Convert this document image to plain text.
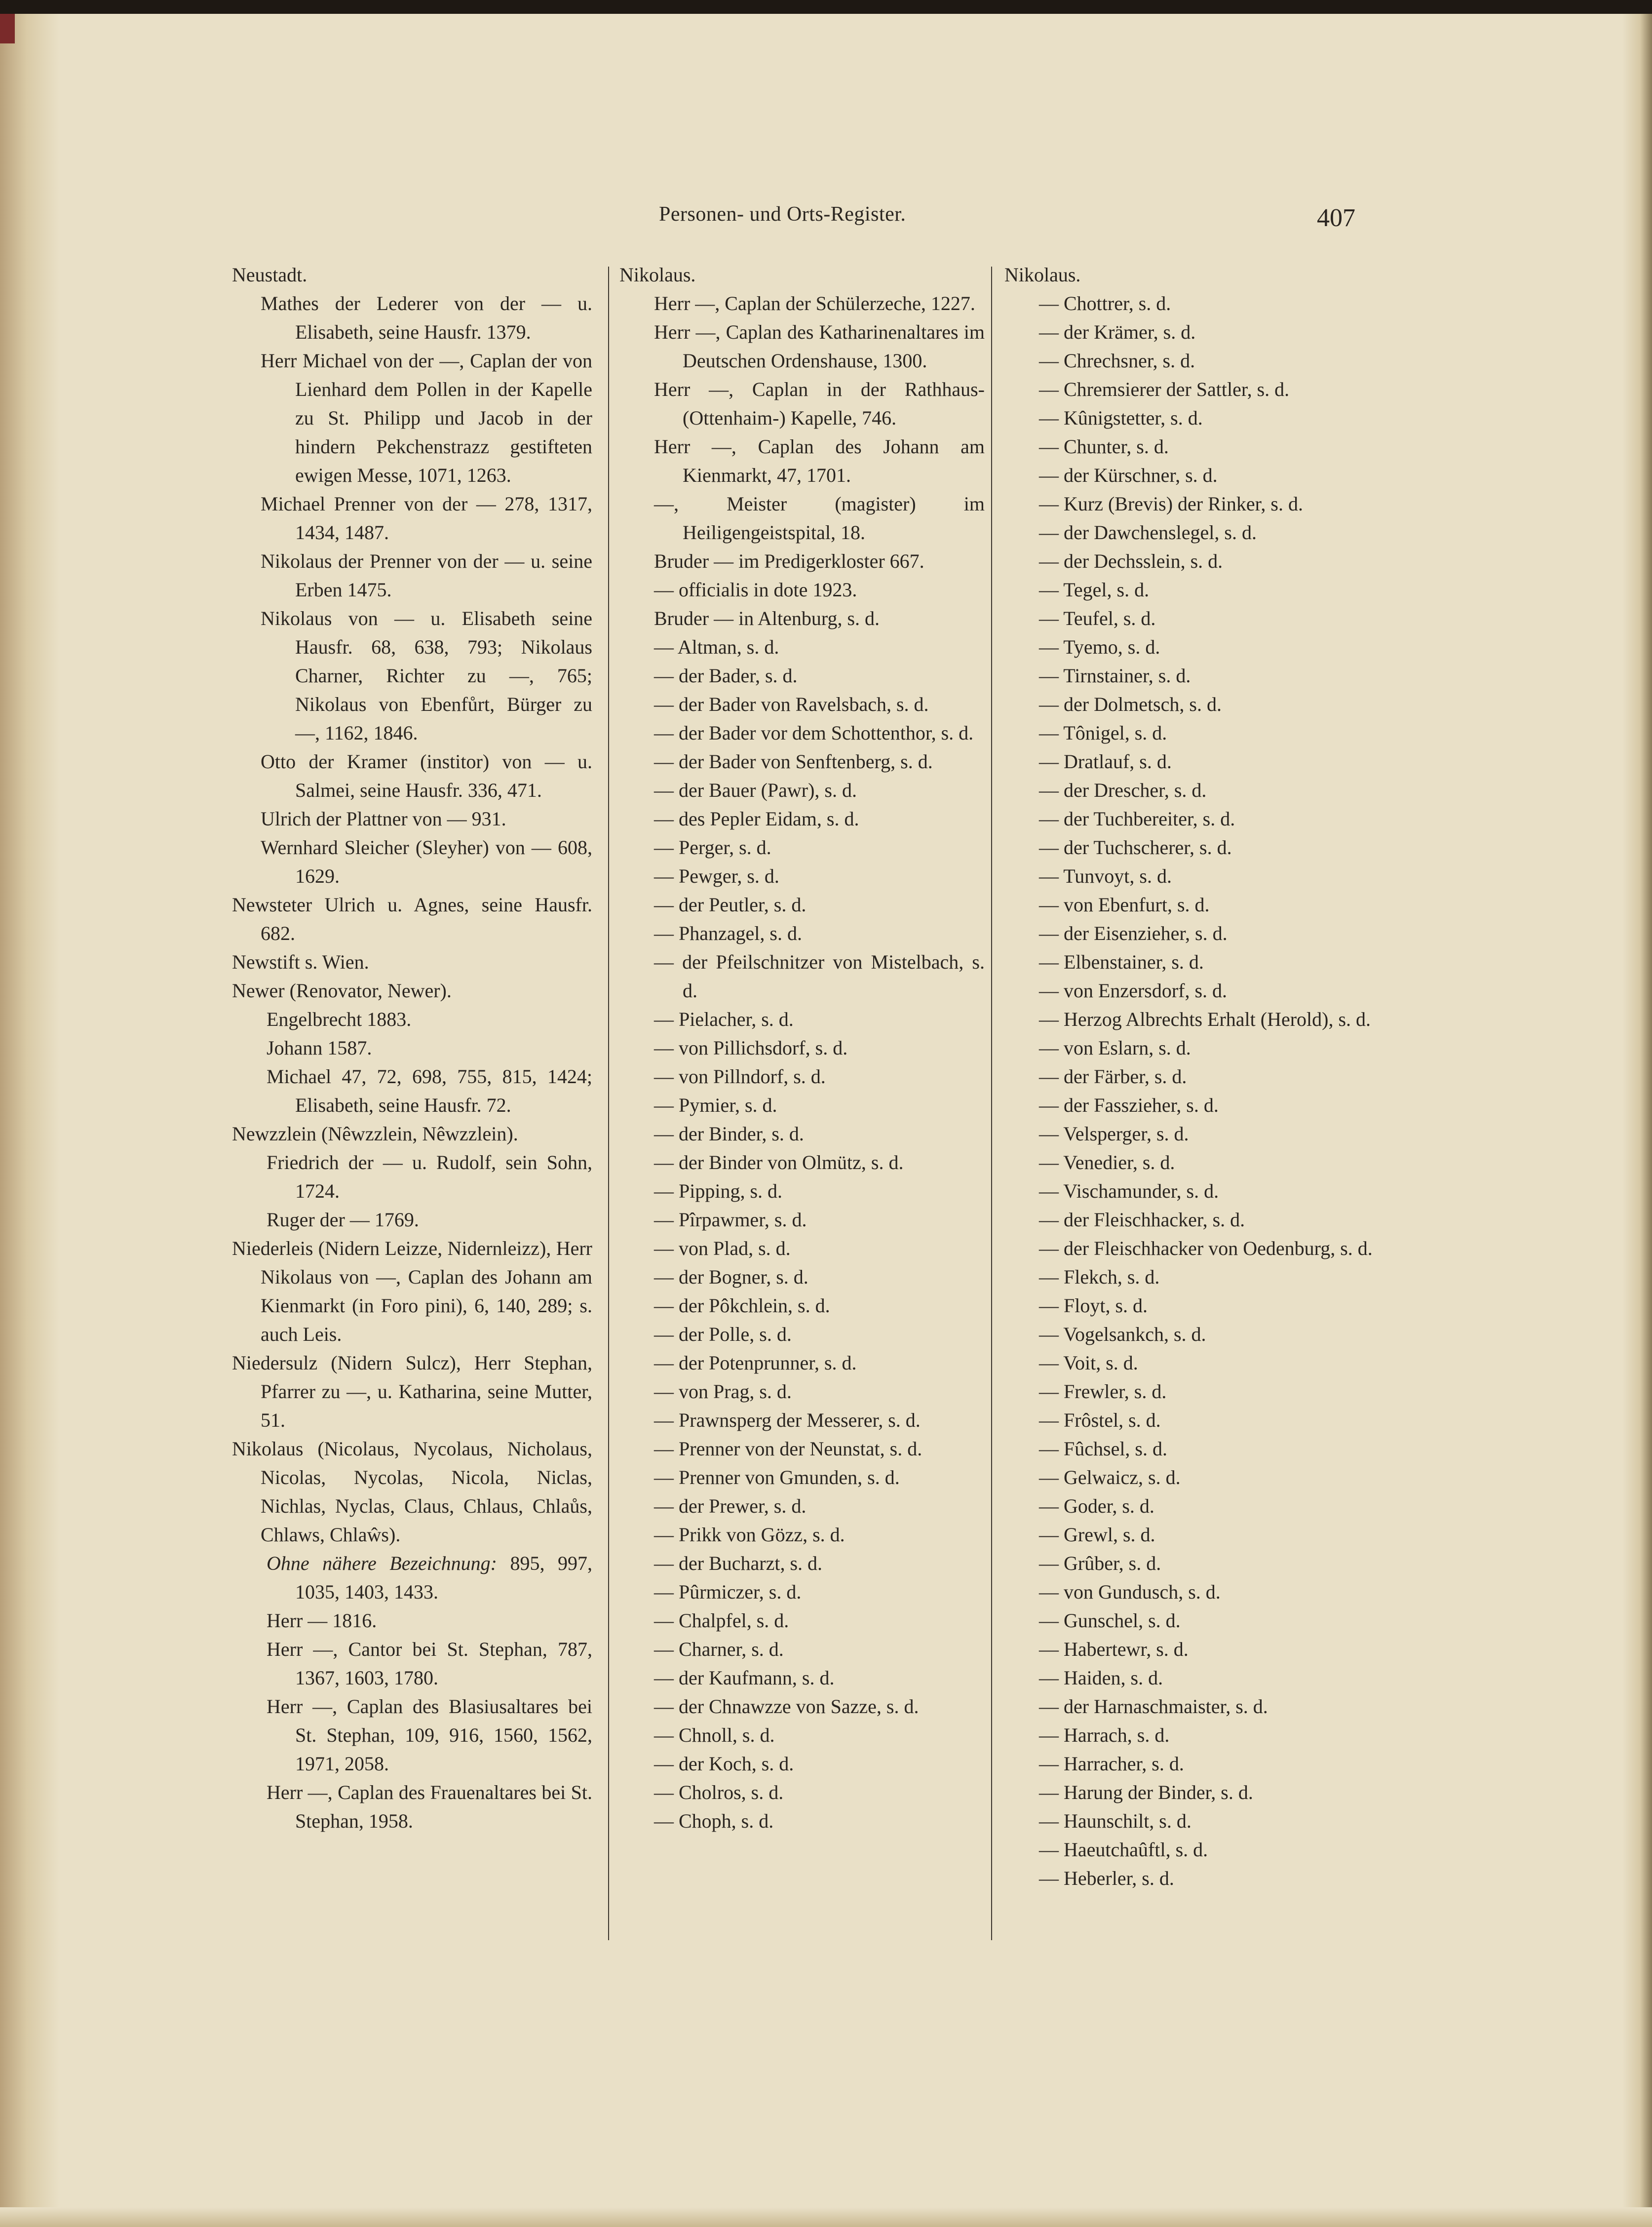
Personen- und Orts-Register.	407
Neustadt.
Mathes der Lederer von der — u. Elisabeth, seine Hausfr. 1379.
Herr Michael von der —, Caplan der von Lienhard dem Pollen in der Kapelle zu St. Philipp und Jacob in der hindern Pekchenstrazz gestifteten ewigen Messe, 1071, 1263.
Michael Prenner von der — 278, 1317, 1434, 1487.
Nikolaus der Prenner von der — u. seine Erben 1475.
Nikolaus von — u. Elisabeth seine Hausfr. 68, 638, 793; Nikolaus Charner, Richter zu —, 765; Nikolaus von Ebenfůrt, Bürger zu —, 1162, 1846.
Otto der Kramer (institor) von — u. Salmei, seine Hausfr. 336, 471.
Ulrich der Plattner von — 931.
Wernhard Sleicher (Sleyher) von — 608, 1629.
Newsteter Ulrich u. Agnes, seine Hausfr. 682.
Newstift s. Wien.
Newer (Renovator, Newer).
Engelbrecht 1883.
Johann 1587.
Michael 47, 72, 698, 755, 815, 1424; Elisabeth, seine Hausfr. 72.
Newzzlein (Nêwzzlein, Nêwzzlein).
Friedrich der — u. Rudolf, sein Sohn, 1724.
Ruger der — 1769.
Niederleis (Nidern Leizze, Nidernleizz), Herr Nikolaus von —, Caplan des Johann am Kienmarkt (in Foro pini), 6, 140, 289; s. auch Leis.
Niedersulz (Nidern Sulcz), Herr Stephan, Pfarrer zu —, u. Katharina, seine Mutter, 51.
Nikolaus (Nicolaus, Nycolaus, Nicholaus, Nicolas, Nycolas, Nicola, Niclas, Nichlas, Nyclas, Claus, Chlaus, Chlaůs, Chlaws, Chlaŵs).
Ohne nähere Bezeichnung: 895, 997, 1035, 1403, 1433.
Herr — 1816.
Herr —, Cantor bei St. Stephan, 787, 1367, 1603, 1780.
Herr —, Caplan des Blasiusaltares bei St. Stephan, 109, 916, 1560, 1562, 1971, 2058.
Herr —, Caplan des Frauenaltares bei St. Stephan, 1958.
Nikolaus.
Herr —, Caplan der Schülerzeche, 1227.
Herr —, Caplan des Katharinenaltares im Deutschen Ordenshause, 1300.
Herr —, Caplan in der Rathhaus-(Ottenhaim-) Kapelle, 746.
Herr —, Caplan des Johann am Kienmarkt, 47, 1701.
—, Meister (magister) im Heiligengeistspital, 18.
Bruder — im Predigerkloster 667.
— officialis in dote 1923.
Bruder — in Altenburg, s. d.
— Altman, s. d.
— der Bader, s. d.
— der Bader von Ravelsbach, s. d.
— der Bader vor dem Schottenthor, s. d.
— der Bader von Senftenberg, s. d.
— der Bauer (Pawr), s. d.
— des Pepler Eidam, s. d.
— Perger, s. d.
— Pewger, s. d.
— der Peutler, s. d.
— Phanzagel, s. d.
— der Pfeilschnitzer von Mistelbach, s. d.
— Pielacher, s. d.
— von Pillichsdorf, s. d.
— von Pillndorf, s. d.
— Pymier, s. d.
— der Binder, s. d.
— der Binder von Olmütz, s. d.
— Pipping, s. d.
— Pîrpawmer, s. d.
— von Plad, s. d.
— der Bogner, s. d.
— der Pôkchlein, s. d.
— der Polle, s. d.
— der Potenprunner, s. d.
— von Prag, s. d.
— Prawnsperg der Messerer, s. d.
— Prenner von der Neunstat, s. d.
— Prenner von Gmunden, s. d.
— der Prewer, s. d.
— Prikk von Gözz, s. d.
— der Bucharzt, s. d.
— Pûrmiczer, s. d.
— Chalpfel, s. d.
— Charner, s. d.
— der Kaufmann, s. d.
— der Chnawzze von Sazze, s. d.
— Chnoll, s. d.
— der Koch, s. d.
— Cholros, s. d.
— Choph, s. d.
Nikolaus.
— Chottrer, s. d.
— der Krämer, s. d.
— Chrechsner, s. d.
— Chremsierer der Sattler, s. d.
— Kûnigstetter, s. d.
— Chunter, s. d.
— der Kürschner, s. d.
— Kurz (Brevis) der Rinker, s. d.
— der Dawchenslegel, s. d.
— der Dechsslein, s. d.
— Tegel, s. d.
— Teufel, s. d.
— Tyemo, s. d.
— Tirnstainer, s. d.
— der Dolmetsch, s. d.
— Tônigel, s. d.
— Dratlauf, s. d.
— der Drescher, s. d.
— der Tuchbereiter, s. d.
— der Tuchscherer, s. d.
— Tunvoyt, s. d.
— von Ebenfurt, s. d.
— der Eisenzieher, s. d.
— Elbenstainer, s. d.
— von Enzersdorf, s. d.
— Herzog Albrechts Erhalt (Herold), s. d.
— von Eslarn, s. d.
— der Färber, s. d.
— der Fasszieher, s. d.
— Velsperger, s. d.
— Venedier, s. d.
— Vischamunder, s. d.
— der Fleischhacker, s. d.
— der Fleischhacker von Oedenburg, s. d.
— Flekch, s. d.
— Floyt, s. d.
— Vogelsankch, s. d.
— Voit, s. d.
— Frewler, s. d.
— Frôstel, s. d.
— Fûchsel, s. d.
— Gelwaicz, s. d.
— Goder, s. d.
— Grewl, s. d.
— Grûber, s. d.
— von Gundusch, s. d.
— Gunschel, s. d.
— Habertewr, s. d.
— Haiden, s. d.
— der Harnaschmaister, s. d.
— Harrach, s. d.
— Harracher, s. d.
— Harung der Binder, s. d.
— Haunschilt, s. d.
— Haeutchaûftl, s. d.
— Heberler, s. d.
